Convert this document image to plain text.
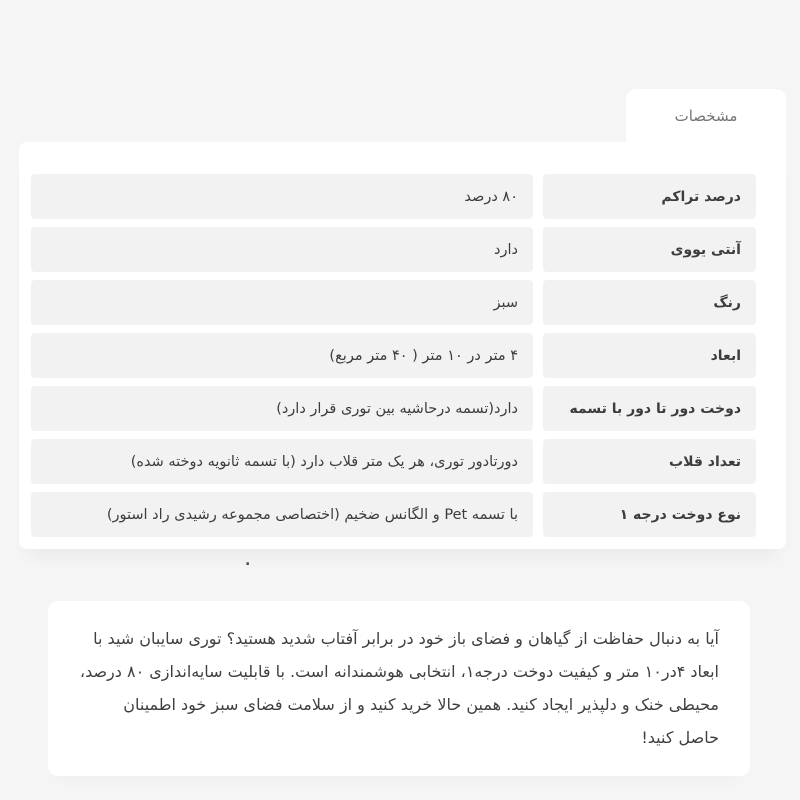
مشخصات
درصد تراکم
۸۰ درصد
آنتی یووی
دارد
رنگ
سبز
ابعاد
۴ متر در ۱۰ متر ( ۴۰ متر مربع)
دوخت دور تا دور با تسمه
دارد(تسمه درحاشیه بین توری قرار دارد)
تعداد قلاب
دورتادور توری، هر یک متر قلاب دارد (با تسمه ثانویه دوخته شده)
نوع دوخت درجه ۱
با تسمه Pet و الگانس ضخیم (اختصاصی مجموعه رشیدی راد استور)
.

آیا به دنبال حفاظت از گیاهان و فضای باز خود در برابر آفتاب شدید هستید؟ توری سایبان شید با ابعاد ۴در۱۰ متر و کیفیت دوخت درجه۱، انتخابی هوشمندانه است. با قابلیت سایه‌اندازی ۸۰ درصد، محیطی خنک و دلپذیر ایجاد کنید. همین حالا خرید کنید و از سلامت فضای سبز خود اطمینان حاصل کنید!
